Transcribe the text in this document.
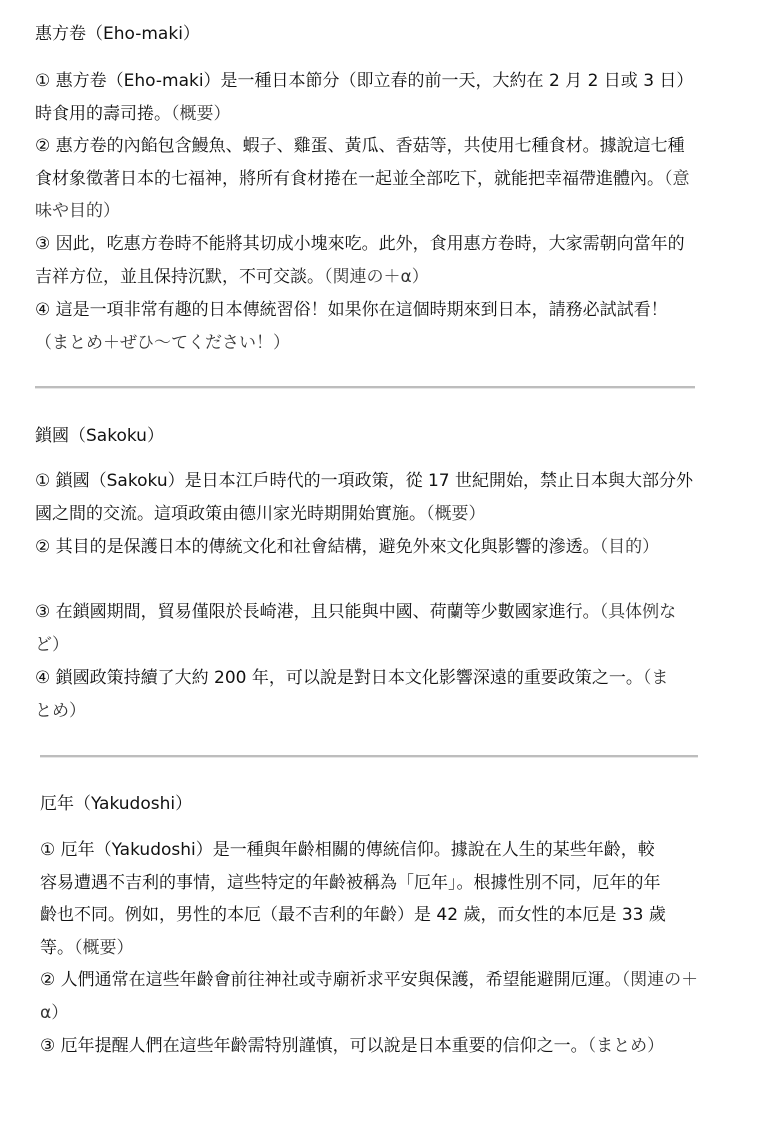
惠方卷（Eho-maki）

① 惠方卷（Eho-maki）是一種日本節分（即立春的前一天，大約在 2 月 2 日或 3 日）時食用的壽司捲。（概要）

② 惠方卷的內餡包含鰻魚、蝦子、雞蛋、黃瓜、香菇等，共使用七種食材。據說這七種食材象徵著日本的七福神，將所有食材捲在一起並全部吃下，就能把幸福帶進體內。（意味や目的）

③ 因此，吃惠方卷時不能將其切成小塊來吃。此外，食用惠方卷時，大家需朝向當年的吉祥方位，並且保持沉默，不可交談。（関連の＋α）

④ 這是一項非常有趣的日本傳統習俗！如果你在這個時期來到日本，請務必試試看！（まとめ＋ぜひ～てください！）

鎖國（Sakoku）

① 鎖國（Sakoku）是日本江戶時代的一項政策，從 17 世紀開始，禁止日本與大部分外國之間的交流。這項政策由德川家光時期開始實施。（概要）

② 其目的是保護日本的傳統文化和社會結構，避免外來文化與影響的滲透。（目的）

③ 在鎖國期間，貿易僅限於長崎港，且只能與中國、荷蘭等少數國家進行。（具体例など）

④ 鎖國政策持續了大約 200 年，可以說是對日本文化影響深遠的重要政策之一。（まとめ）

厄年（Yakudoshi）

① 厄年（Yakudoshi）是一種與年齡相關的傳統信仰。據說在人生的某些年齡，較容易遭遇不吉利的事情，這些特定的年齡被稱為「厄年」。根據性別不同，厄年的年齡也不同。例如，男性的本厄（最不吉利的年齡）是 42 歲，而女性的本厄是 33 歲等。（概要）

② 人們通常在這些年齡會前往神社或寺廟祈求平安與保護，希望能避開厄運。（関連の＋α）

③ 厄年提醒人們在這些年齡需特別謹慎，可以說是日本重要的信仰之一。（まとめ）
